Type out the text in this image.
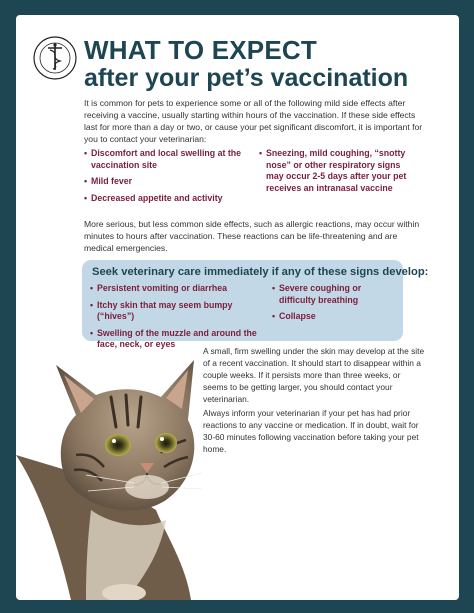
WHAT TO EXPECT
after your pet’s vaccination

It is common for pets to experience some or all of the following mild side effects after receiving a vaccine, usually starting within hours of the vaccination. If these side effects last for more than a day or two, or cause your pet significant discomfort, it is important for you to contact your veterinarian:

• Discomfort and local swelling at the vaccination site
• Mild fever
• Decreased appetite and activity
• Sneezing, mild coughing, “snotty nose” or other respiratory signs may occur 2-5 days after your pet receives an intranasal vaccine

More serious, but less common side effects, such as allergic reactions, may occur within minutes to hours after vaccination. These reactions can be life-threatening and are medical emergencies.

Seek veterinary care immediately if any of these signs develop:

• Persistent vomiting or diarrhea
• Itchy skin that may seem bumpy (“hives”)
• Swelling of the muzzle and around the face, neck, or eyes
• Severe coughing or difficulty breathing
• Collapse

A small, firm swelling under the skin may develop at the site of a recent vaccination. It should start to disappear within a couple weeks. If it persists more than three weeks, or seems to be getting larger, you should contact your veterinarian.

Always inform your veterinarian if your pet has had prior reactions to any vaccine or medication. If in doubt, wait for 30-60 minutes following vaccination before taking your pet home.
